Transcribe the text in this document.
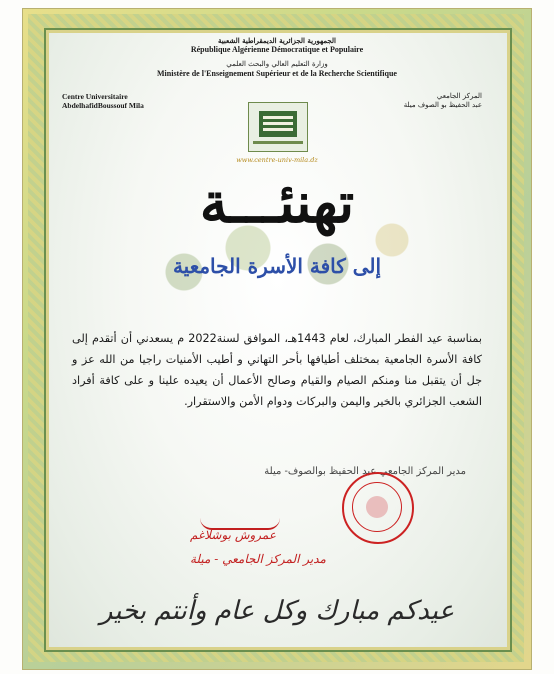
الجمهورية الجزائرية الديمقراطية الشعبية
République Algérienne Démocratique et Populaire
وزارة التعليم العالي والبحث العلمي
Ministère de l'Enseignement Supérieur et de la Recherche Scientifique
Centre Universitaire
AbdelhafidBoussouf Mila
المركز الجامعي
عبد الحفيظ بو الصوف ميلة
www.centre-univ-mila.dz
تهنئـــة
إلى كافة الأسرة الجامعية
بمناسبة عيد الفطر المبارك، لعام 1443هـ، الموافق لسنة2022 م يسعدني أن أتقدم إلى كافة الأسرة الجامعية بمختلف أطيافها بأحر التهاني و أطيب الأمنيات راجيا من الله عز و جل أن يتقبل منا ومنكم الصيام والقيام وصالح الأعمال أن يعيده علينا و على كافة أفراد الشعب الجزائري بالخير واليمن والبركات ودوام الأمن والاستقرار.
مدير المركز الجامعي عبد الحفيظ بوالصوف- ميلة
عمروش بوشلاغم
مدير المركز الجامعي - ميلة
عيدكم مبارك وكل عام وأنتم بخير
